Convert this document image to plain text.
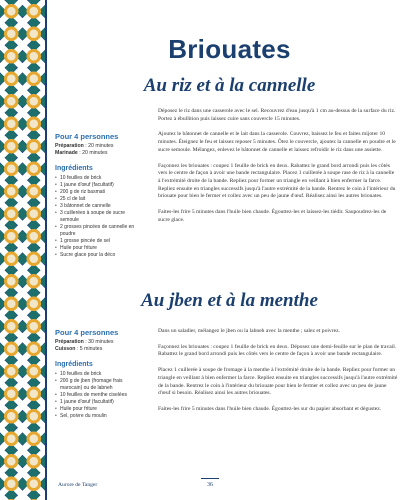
Briouates
Au riz et à la cannelle
Pour 4 personnes
Préparation : 20 minutes
Marinade : 20 minutes
Ingrédients
• 10 feuilles de brick
• 1 jaune d'œuf (facultatif)
• 200 g de riz basmati
• 25 cl de lait
• 3 bâtonnet de cannelle
• 3 cuillerées à soupe de sucre semoule
• 2 grosses pincées de cannelle en poudre
• 1 grosse pincée de sel
• Huile pour friture
• Sucre glace pour la déco

Déposez le riz dans une casserole avec le sel. Recouvrez d'eau jusqu'à 1 cm au-dessus de la surface du riz. Portez à ébullition puis laissez cuire sans couvercle 15 minutes.

Ajoutez le bâtonnet de cannelle et le lait dans la casserole. Couvrez, baissez le feu et faites mijoter 10 minutes. Éteignez le feu et laissez reposer 5 minutes. Ôtez le couvercle, ajoutez la cannelle en poudre et le sucre semoule. Mélangez, enlevez le bâtonnet de cannelle et laissez refroidir le riz dans une assiette.

Façonnez les briouates : coupez 1 feuille de brick en deux. Rabattez le grand bord arrondi puis les côtés vers le centre de façon à avoir une bande rectangulaire. Placez 1 cuillerée à soupe rase de riz à la cannelle à l'extrémité droite de la bande. Repliez pour former un triangle en veillant à bien enfermer la farce. Repliez ensuite en triangles successifs jusqu'à l'autre extrémité de la bande. Rentrez le coin à l'intérieur du briouate pour bien le fermer et collez avec un peu de jaune d'œuf. Réalisez ainsi les autres briouates.

Faites-les frire 5 minutes dans l'huile bien chaude. Égouttez-les et laissez-les tiédir. Saupoudrez-les de sucre glace.

Au jben et à la menthe
Pour 4 personnes
Préparation : 30 minutes
Cuisson : 5 minutes
Ingrédients
• 10 feuilles de brick
• 200 g de jben (fromage frais marocain) ou de labneh
• 10 feuilles de menthe ciselées
• 1 jaune d'œuf (facultatif)
• Huile pour friture
• Sel, poivre du moulin

Dans un saladier, mélangez le jben ou la labneh avec la menthe ; salez et poivrez.

Façonnez les briouates : coupez 1 feuille de brick en deux. Déposez une demi-feuille sur le plan de travail. Rabattez le grand bord arrondi puis les côtés vers le centre de façon à avoir une bande rectangulaire.

Placez 1 cuillerée à soupe de fromage à la menthe à l'extrémité droite de la bande. Repliez pour former un triangle en veillant à bien enfermer la farce. Repliez ensuite en triangles successifs jusqu'à l'autre extrémité de la bande. Rentrez le coin à l'intérieur du briouate pour bien le fermer et collez avec un peu de jaune d'œuf si besoin. Réalisez ainsi les autres briouates.

Faites-les frire 5 minutes dans l'huile bien chaude. Égouttez-les sur du papier absorbant et dégustez.

Aurore de Tanger	36
